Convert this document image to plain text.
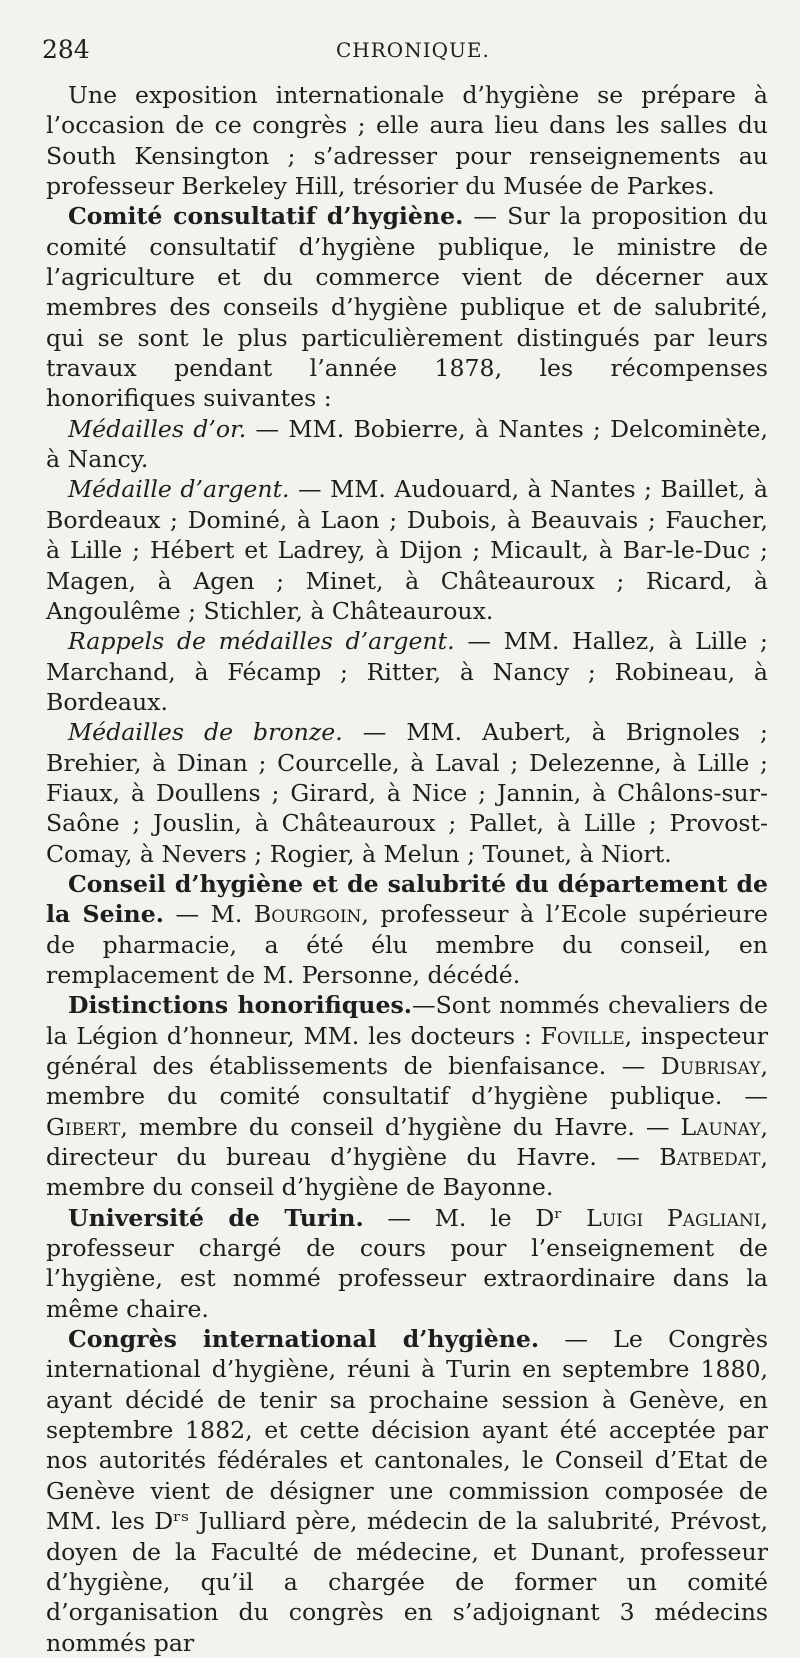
284	CHRONIQUE.

Une exposition internationale d’hygiène se prépare à l’occasion de ce congrès ; elle aura lieu dans les salles du South Kensington ; s’adresser pour renseignements au professeur Berkeley Hill, trésorier du Musée de Parkes.

Comité consultatif d’hygiène. — Sur la proposition du comité consultatif d’hygiène publique, le ministre de l’agriculture et du commerce vient de décerner aux membres des conseils d’hygiène publique et de salubrité, qui se sont le plus particulièrement distingués par leurs travaux pendant l’année 1878, les récompenses honorifiques suivantes :

Médailles d’or. — MM. Bobierre, à Nantes ; Delcominète, à Nancy.

Médaille d’argent. — MM. Audouard, à Nantes ; Baillet, à Bordeaux ; Dominé, à Laon ; Dubois, à Beauvais ; Faucher, à Lille ; Hébert et Ladrey, à Dijon ; Micault, à Bar-le-Duc ; Magen, à Agen ; Minet, à Châteauroux ; Ricard, à Angoulême ; Stichler, à Châteauroux.

Rappels de médailles d’argent. — MM. Hallez, à Lille ; Marchand, à Fécamp ; Ritter, à Nancy ; Robineau, à Bordeaux.

Médailles de bronze. — MM. Aubert, à Brignoles ; Brehier, à Dinan ; Courcelle, à Laval ; Delezenne, à Lille ; Fiaux, à Doullens ; Girard, à Nice ; Jannin, à Châlons-sur-Saône ; Jouslin, à Châteauroux ; Pallet, à Lille ; Provost-Comay, à Nevers ; Rogier, à Melun ; Tounet, à Niort.

Conseil d’hygiène et de salubrité du département de la Seine. — M. Bourgoin, professeur à l’Ecole supérieure de pharmacie, a été élu membre du conseil, en remplacement de M. Personne, décédé.

Distinctions honorifiques.—Sont nommés chevaliers de la Légion d’honneur, MM. les docteurs : Foville, inspecteur général des établissements de bienfaisance. — Dubrisay, membre du comité consultatif d’hygiène publique. — Gibert, membre du conseil d’hygiène du Havre. — Launay, directeur du bureau d’hygiène du Havre. — Batbedat, membre du conseil d’hygiène de Bayonne.

Université de Turin. — M. le Dʳ Luigi Pagliani, professeur chargé de cours pour l’enseignement de l’hygiène, est nommé professeur extraordinaire dans la même chaire.

Congrès international d’hygiène. — Le Congrès international d’hygiène, réuni à Turin en septembre 1880, ayant décidé de tenir sa prochaine session à Genève, en septembre 1882, et cette décision ayant été acceptée par nos autorités fédérales et cantonales, le Conseil d’Etat de Genève vient de désigner une commission composée de MM. les Dʳˢ Julliard père, médecin de la salubrité, Prévost, doyen de la Faculté de médecine, et Dunant, professeur d’hygiène, qu’il a chargée de former un comité d’organisation du congrès en s’adjoignant 3 médecins nommés par
